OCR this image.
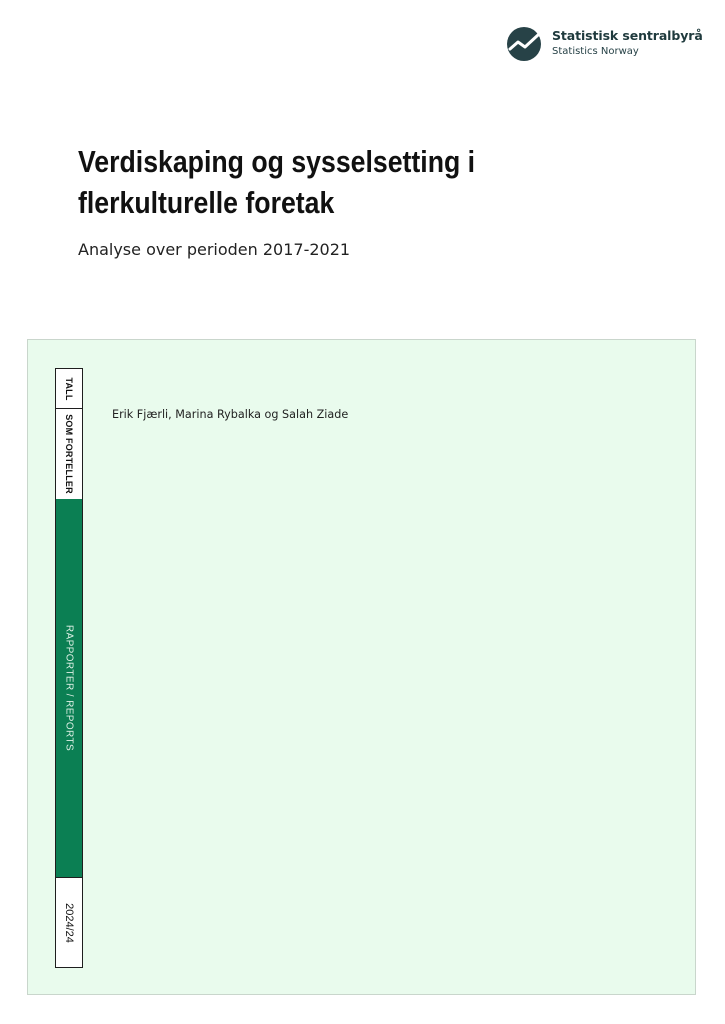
Statistisk sentralbyrå
Statistics Norway
Verdiskaping og sysselsetting i flerkulturelle foretak

Analyse over perioden 2017-2021

TALL
SOM FORTELLER
RAPPORTER / REPORTS
2024/24
Erik Fjærli, Marina Rybalka og Salah Ziade
